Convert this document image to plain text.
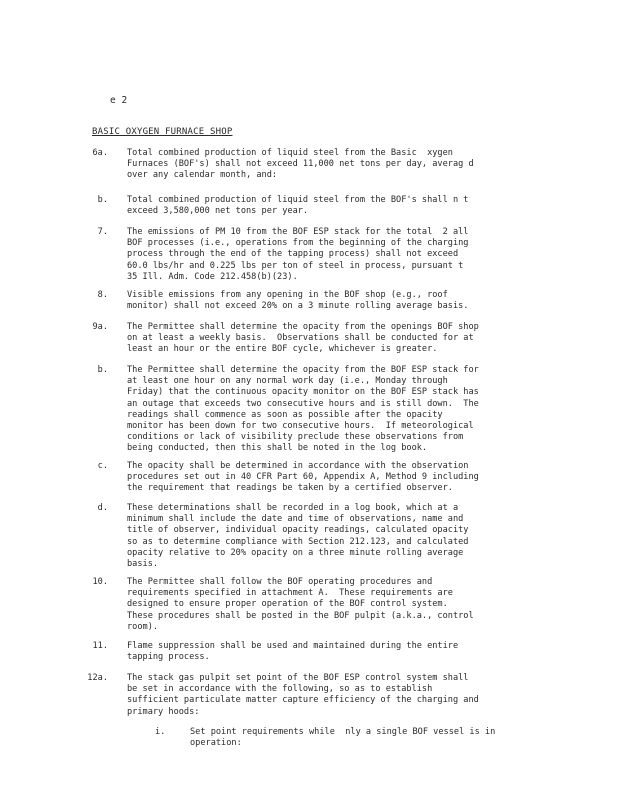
e 2
BASIC OXYGEN FURNACE SHOP
6a. Total combined production of liquid steel from the Basic  xygen
Furnaces (BOF's) shall not exceed 11,000 net tons per day, averag d
over any calendar month, and:
b. Total combined production of liquid steel from the BOF's shall n t
exceed 3,580,000 net tons per year.
7. The emissions of PM 10 from the BOF ESP stack for the total  2 all
BOF processes (i.e., operations from the beginning of the charging
process through the end of the tapping process) shall not exceed
60.0 lbs/hr and 0.225 lbs per ton of steel in process, pursuant t
35 Ill. Adm. Code 212.458(b)(23).
8. Visible emissions from any opening in the BOF shop (e.g., roof
monitor) shall not exceed 20% on a 3 minute rolling average basis.
9a. The Permittee shall determine the opacity from the openings BOF shop
on at least a weekly basis.  Observations shall be conducted for at
least an hour or the entire BOF cycle, whichever is greater.
b. The Permittee shall determine the opacity from the BOF ESP stack for
at least one hour on any normal work day (i.e., Monday through
Friday) that the continuous opacity monitor on the BOF ESP stack has
an outage that exceeds two consecutive hours and is still down.  The
readings shall commence as soon as possible after the opacity
monitor has been down for two consecutive hours.  If meteorological
conditions or lack of visibility preclude these observations from
being conducted, then this shall be noted in the log book.
c. The opacity shall be determined in accordance with the observation
procedures set out in 40 CFR Part 60, Appendix A, Method 9 including
the requirement that readings be taken by a certified observer.
d. These determinations shall be recorded in a log book, which at a
minimum shall include the date and time of observations, name and
title of observer, individual opacity readings, calculated opacity
so as to determine compliance with Section 212.123, and calculated
opacity relative to 20% opacity on a three minute rolling average
basis.
10. The Permittee shall follow the BOF operating procedures and
requirements specified in attachment A.  These requirements are
designed to ensure proper operation of the BOF control system.
These procedures shall be posted in the BOF pulpit (a.k.a., control
room).
11. Flame suppression shall be used and maintained during the entire
tapping process.
12a. The stack gas pulpit set point of the BOF ESP control system shall
be set in accordance with the following, so as to establish
sufficient particulate matter capture efficiency of the charging and
primary hoods:
i.	Set point requirements while  nly a single BOF vessel is in
operation:
